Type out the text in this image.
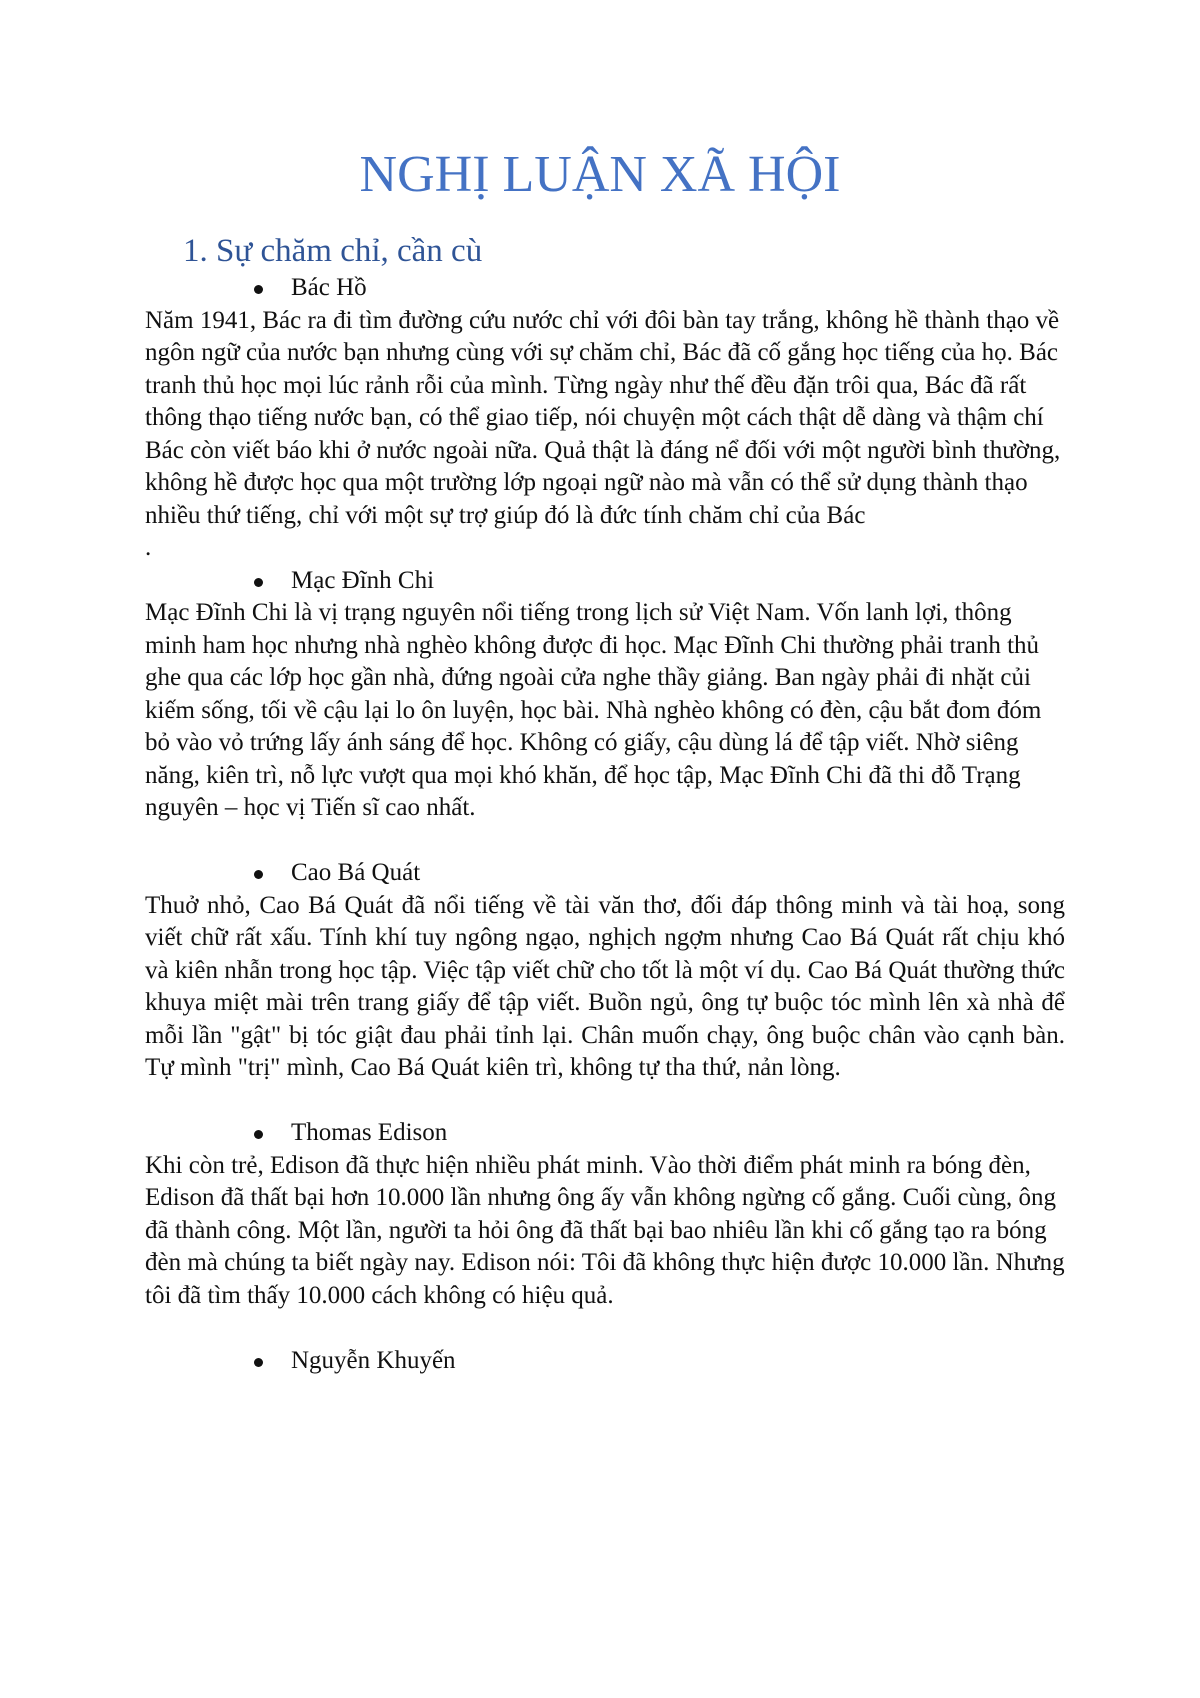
NGHỊ LUẬN XÃ HỘI
1. Sự chăm chỉ, cần cù
Bác Hồ

Năm 1941, Bác ra đi tìm đường cứu nước chỉ với đôi bàn tay trắng, không hề thành thạo về ngôn ngữ của nước bạn nhưng cùng với sự chăm chỉ, Bác đã cố gắng học tiếng của họ. Bác tranh thủ học mọi lúc rảnh rỗi của mình. Từng ngày như thế đều đặn trôi qua, Bác đã rất thông thạo tiếng nước bạn, có thể giao tiếp, nói chuyện một cách thật dễ dàng và thậm chí Bác còn viết báo khi ở nước ngoài nữa. Quả thật là đáng nể đối với một người bình thường, không hề được học qua một trường lớp ngoại ngữ nào mà vẫn có thể sử dụng thành thạo nhiều thứ tiếng, chỉ với một sự trợ giúp đó là đức tính chăm chỉ của Bác

.
Mạc Đĩnh Chi

Mạc Đĩnh Chi là vị trạng nguyên nổi tiếng trong lịch sử Việt Nam. Vốn lanh lợi, thông minh ham học nhưng nhà nghèo không được đi học. Mạc Đĩnh Chi thường phải tranh thủ ghe qua các lớp học gần nhà, đứng ngoài cửa nghe thầy giảng. Ban ngày phải đi nhặt củi kiếm sống, tối về cậu lại lo ôn luyện, học bài. Nhà nghèo không có đèn, cậu bắt đom đóm bỏ vào vỏ trứng lấy ánh sáng để học. Không có giấy, cậu dùng lá để tập viết. Nhờ siêng năng, kiên trì, nỗ lực vượt qua mọi khó khăn, để học tập, Mạc Đĩnh Chi đã thi đỗ Trạng nguyên – học vị Tiến sĩ cao nhất.

Cao Bá Quát

Thuở nhỏ, Cao Bá Quát đã nổi tiếng về tài văn thơ, đối đáp thông minh và tài hoạ, song viết chữ rất xấu. Tính khí tuy ngông ngạo, nghịch ngợm nhưng Cao Bá Quát rất chịu khó và kiên nhẫn trong học tập. Việc tập viết chữ cho tốt là một ví dụ. Cao Bá Quát thường thức khuya miệt mài trên trang giấy để tập viết. Buồn ngủ, ông tự buộc tóc mình lên xà nhà để mỗi lần "gật" bị tóc giật đau phải tỉnh lại. Chân muốn chạy, ông buộc chân vào cạnh bàn. Tự mình "trị" mình, Cao Bá Quát kiên trì, không tự tha thứ, nản lòng.

Thomas Edison

Khi còn trẻ, Edison đã thực hiện nhiều phát minh. Vào thời điểm phát minh ra bóng đèn, Edison đã thất bại hơn 10.000 lần nhưng ông ấy vẫn không ngừng cố gắng. Cuối cùng, ông đã thành công. Một lần, người ta hỏi ông đã thất bại bao nhiêu lần khi cố gắng tạo ra bóng đèn mà chúng ta biết ngày nay. Edison nói: Tôi đã không thực hiện được 10.000 lần. Nhưng tôi đã tìm thấy 10.000 cách không có hiệu quả.

Nguyễn Khuyến
